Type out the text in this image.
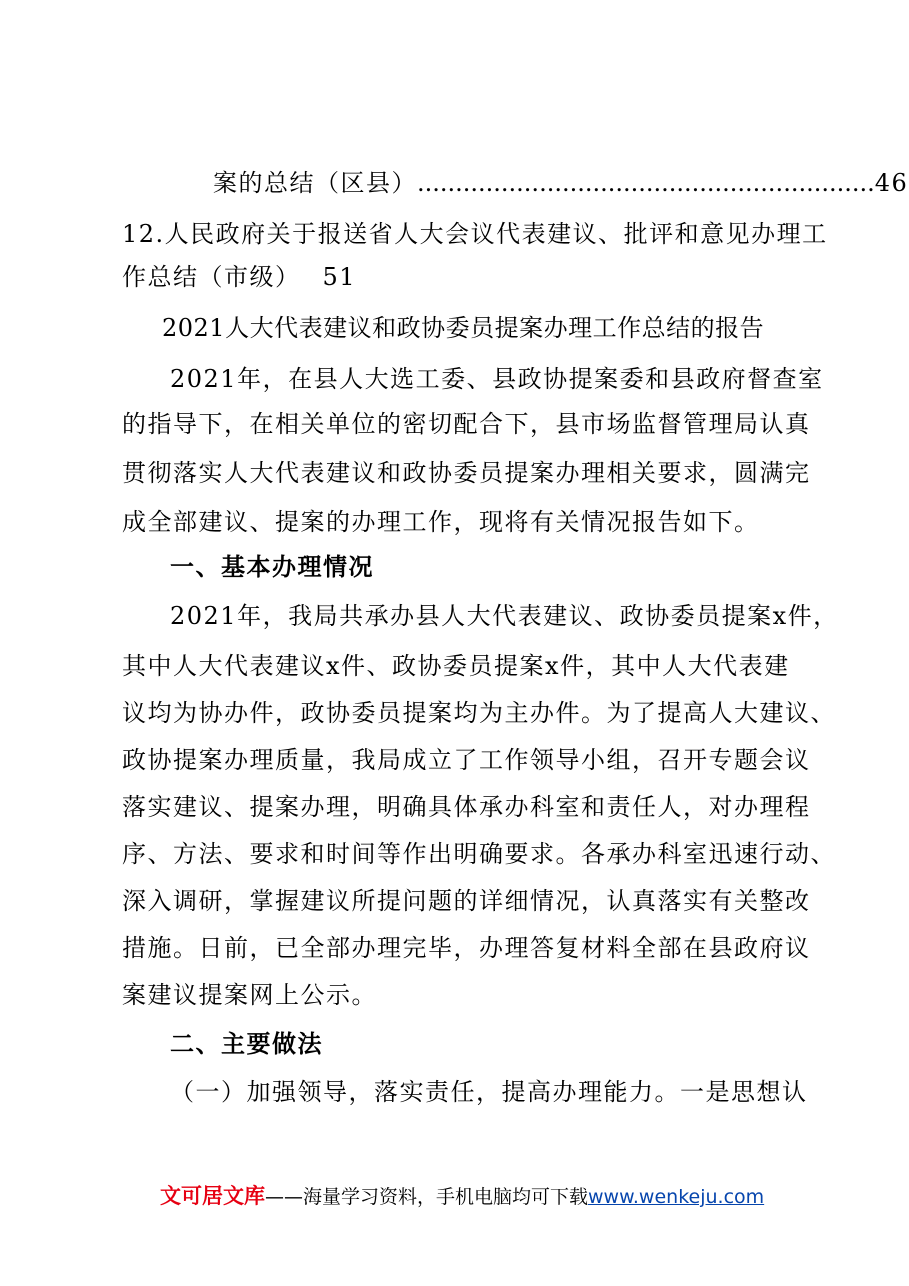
案的总结（区县）............................................................46
12.人民政府关于报送省人大会议代表建议、批评和意见办理工
作总结（市级） 51
2021人大代表建议和政协委员提案办理工作总结的报告
2021年，在县人大选工委、县政协提案委和县政府督查室
的指导下，在相关单位的密切配合下，县市场监督管理局认真
贯彻落实人大代表建议和政协委员提案办理相关要求，圆满完
成全部建议、提案的办理工作，现将有关情况报告如下。
一、基本办理情况
2021年，我局共承办县人大代表建议、政协委员提案x件，
其中人大代表建议x件、政协委员提案x件，其中人大代表建
议均为协办件，政协委员提案均为主办件。为了提高人大建议、
政协提案办理质量，我局成立了工作领导小组，召开专题会议
落实建议、提案办理，明确具体承办科室和责任人，对办理程
序、方法、要求和时间等作出明确要求。各承办科室迅速行动、
深入调研，掌握建议所提问题的详细情况，认真落实有关整改
措施。日前，已全部办理完毕，办理答复材料全部在县政府议
案建议提案网上公示。
二、主要做法
（一）加强领导，落实责任，提高办理能力。一是思想认
文可居文库——海量学习资料，手机电脑均可下载www.wenkeju.com
